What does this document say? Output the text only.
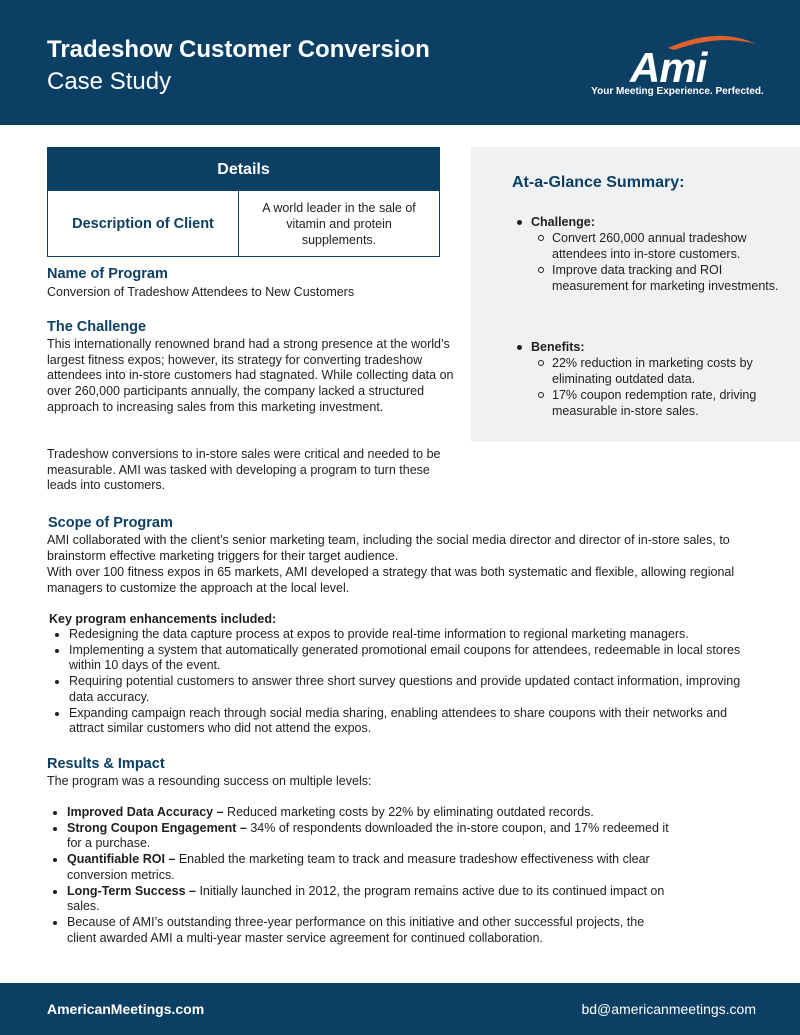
Tradeshow Customer Conversion
Case Study	Ami
Your Meeting Experience. Perfected.
Details
Description of Client
A world leader in the sale of vitamin and protein supplements.
At-a-Glance Summary:
Challenge:
Convert 260,000 annual tradeshow attendees into in-store customers.
Improve data tracking and ROI measurement for marketing investments.
Benefits:
22% reduction in marketing costs by eliminating outdated data.
17% coupon redemption rate, driving measurable in-store sales.
Name of Program
Conversion of Tradeshow Attendees to New Customers
The Challenge
This internationally renowned brand had a strong presence at the world’s largest fitness expos; however, its strategy for converting tradeshow attendees into in-store customers had stagnated. While collecting data on over 260,000 participants annually, the company lacked a structured approach to increasing sales from this marketing investment.
Tradeshow conversions to in-store sales were critical and needed to be measurable. AMI was tasked with developing a program to turn these leads into customers.
Scope of Program
AMI collaborated with the client’s senior marketing team, including the social media director and director of in-store sales, to brainstorm effective marketing triggers for their target audience.
With over 100 fitness expos in 65 markets, AMI developed a strategy that was both systematic and flexible, allowing regional managers to customize the approach at the local level.
Key program enhancements included:
Redesigning the data capture process at expos to provide real-time information to regional marketing managers.
Implementing a system that automatically generated promotional email coupons for attendees, redeemable in local stores within 10 days of the event.
Requiring potential customers to answer three short survey questions and provide updated contact information, improving data accuracy.
Expanding campaign reach through social media sharing, enabling attendees to share coupons with their networks and attract similar customers who did not attend the expos.
Results & Impact
The program was a resounding success on multiple levels:
Improved Data Accuracy – Reduced marketing costs by 22% by eliminating outdated records.
Strong Coupon Engagement – 34% of respondents downloaded the in-store coupon, and 17% redeemed it for a purchase.
Quantifiable ROI – Enabled the marketing team to track and measure tradeshow effectiveness with clear conversion metrics.
Long-Term Success – Initially launched in 2012, the program remains active due to its continued impact on sales.
Because of AMI’s outstanding three-year performance on this initiative and other successful projects, the client awarded AMI a multi-year master service agreement for continued collaboration.
AmericanMeetings.com	bd@americanmeetings.com
